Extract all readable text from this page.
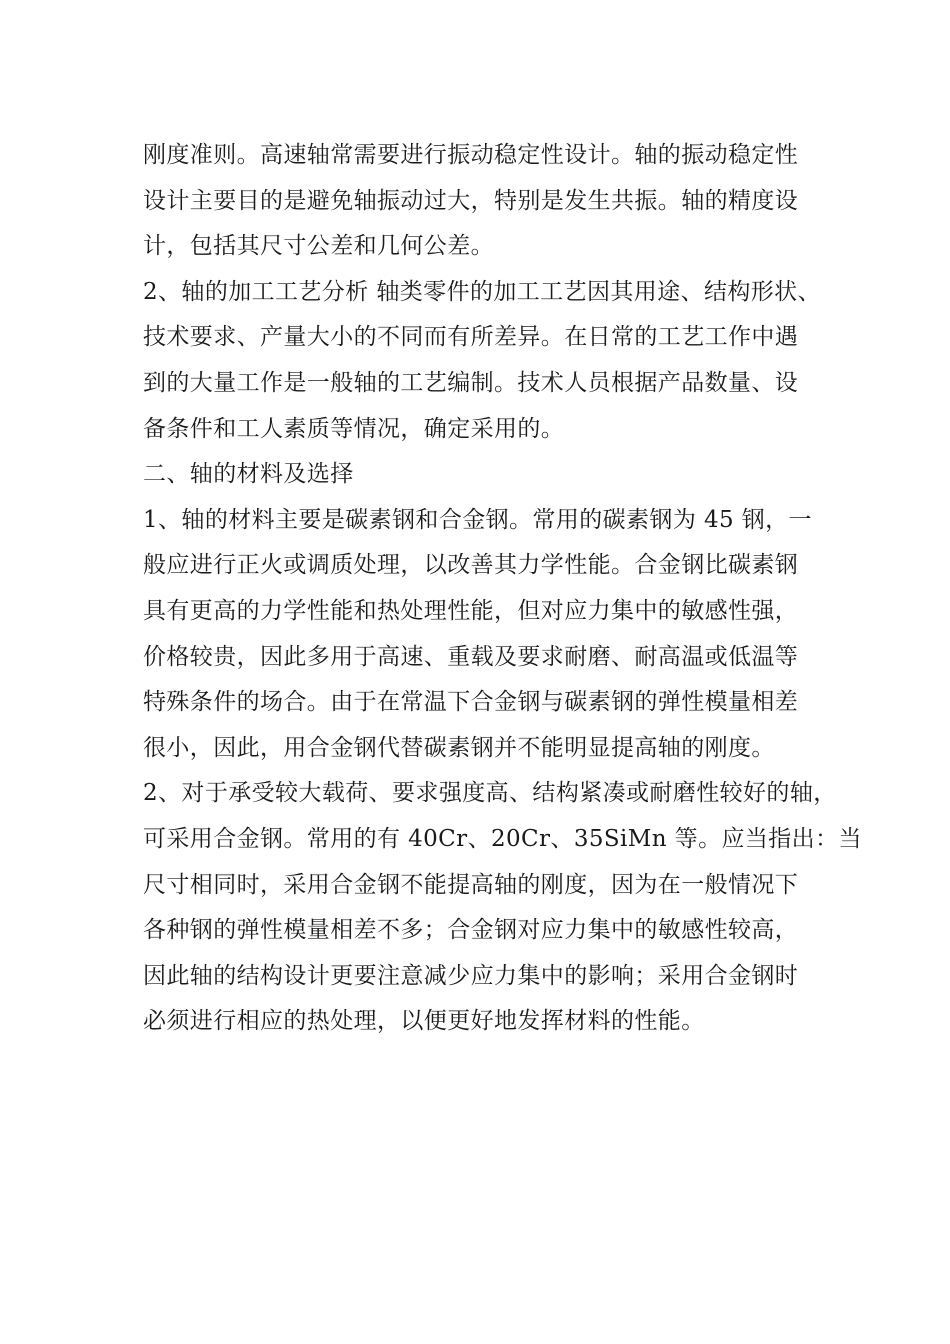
刚度准则。高速轴常需要进行振动稳定性设计。轴的振动稳定性
设计主要目的是避免轴振动过大，特别是发生共振。轴的精度设
计，包括其尺寸公差和几何公差。
2、轴的加工工艺分析 轴类零件的加工工艺因其用途、结构形状、
技术要求、产量大小的不同而有所差异。在日常的工艺工作中遇
到的大量工作是一般轴的工艺编制。技术人员根据产品数量、设
备条件和工人素质等情况，确定采用的。
二、轴的材料及选择
1、轴的材料主要是碳素钢和合金钢。常用的碳素钢为 45 钢，一
般应进行正火或调质处理，以改善其力学性能。合金钢比碳素钢
具有更高的力学性能和热处理性能，但对应力集中的敏感性强，
价格较贵，因此多用于高速、重载及要求耐磨、耐高温或低温等
特殊条件的场合。由于在常温下合金钢与碳素钢的弹性模量相差
很小，因此，用合金钢代替碳素钢并不能明显提高轴的刚度。
2、对于承受较大载荷、要求强度高、结构紧凑或耐磨性较好的轴，
可采用合金钢。常用的有 40Cr、20Cr、35SiMn 等。应当指出：当
尺寸相同时，采用合金钢不能提高轴的刚度，因为在一般情况下
各种钢的弹性模量相差不多；合金钢对应力集中的敏感性较高，
因此轴的结构设计更要注意减少应力集中的影响；采用合金钢时
必须进行相应的热处理，以便更好地发挥材料的性能。
